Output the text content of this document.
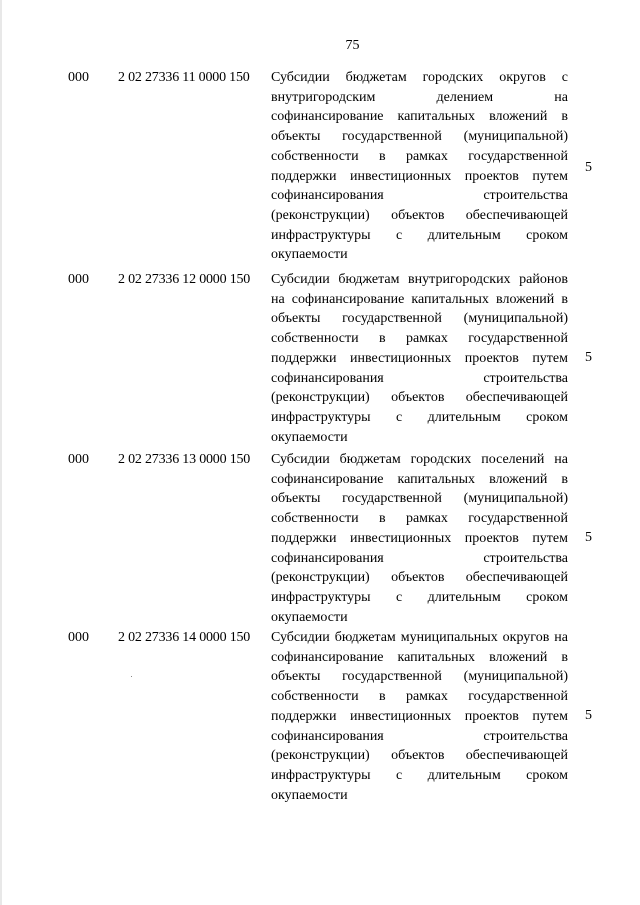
75
000 2 02 27336 11 0000 150 Субсидии бюджетам городских округов с внутригородским делением на софинансирование капитальных вложений в объекты государственной (муниципальной) собственности в рамках государственной поддержки инвестиционных проектов путем софинансирования строительства (реконструкции) объектов обеспечивающей инфраструктуры с длительным сроком окупаемости
5
000 2 02 27336 12 0000 150 Субсидии бюджетам внутригородских районов на софинансирование капитальных вложений в объекты государственной (муниципальной) собственности в рамках государственной поддержки инвестиционных проектов путем софинансирования строительства (реконструкции) объектов обеспечивающей инфраструктуры с длительным сроком окупаемости
5
000 2 02 27336 13 0000 150 Субсидии бюджетам городских поселений на софинансирование капитальных вложений в объекты государственной (муниципальной) собственности в рамках государственной поддержки инвестиционных проектов путем софинансирования строительства (реконструкции) объектов обеспечивающей инфраструктуры с длительным сроком окупаемости
5
000 2 02 27336 14 0000 150 Субсидии бюджетам муниципальных округов на софинансирование капитальных вложений в объекты государственной (муниципальной) собственности в рамках государственной поддержки инвестиционных проектов путем софинансирования строительства (реконструкции) объектов обеспечивающей инфраструктуры с длительным сроком окупаемости
5
